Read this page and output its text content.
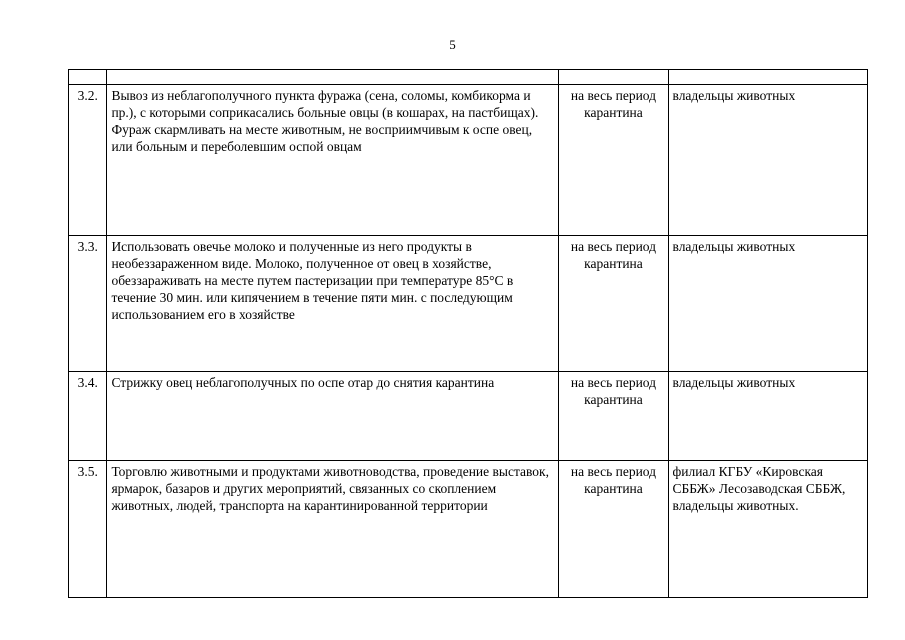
5

3.2.	Вывоз из неблагополучного пункта фуража (сена, соломы, комбикорма и пр.), с которыми соприкасались больные овцы (в кошарах, на пастбищах). Фураж скармливать на месте животным, не восприимчивым к оспе овец, или больным и переболевшим оспой овцам	на весь период карантина	владельцы животных

3.3.	Использовать овечье молоко и полученные из него продукты в необеззараженном виде. Молоко, полученное от овец в хозяйстве, обеззараживать на месте путем пастеризации при температуре 85°С в течение 30 мин. или кипячением в течение пяти мин. с последующим использованием его в хозяйстве	на весь период карантина	владельцы животных

3.4.	Стрижку овец неблагополучных по оспе отар до снятия карантина	на весь период карантина	владельцы животных

3.5.	Торговлю животными и продуктами животноводства, проведение выставок, ярмарок, базаров и других мероприятий, связанных со скоплением животных, людей, транспорта на карантинированной территории	на весь период карантина	филиал КГБУ «Кировская СББЖ» Лесозаводская СББЖ,
владельцы животных.
